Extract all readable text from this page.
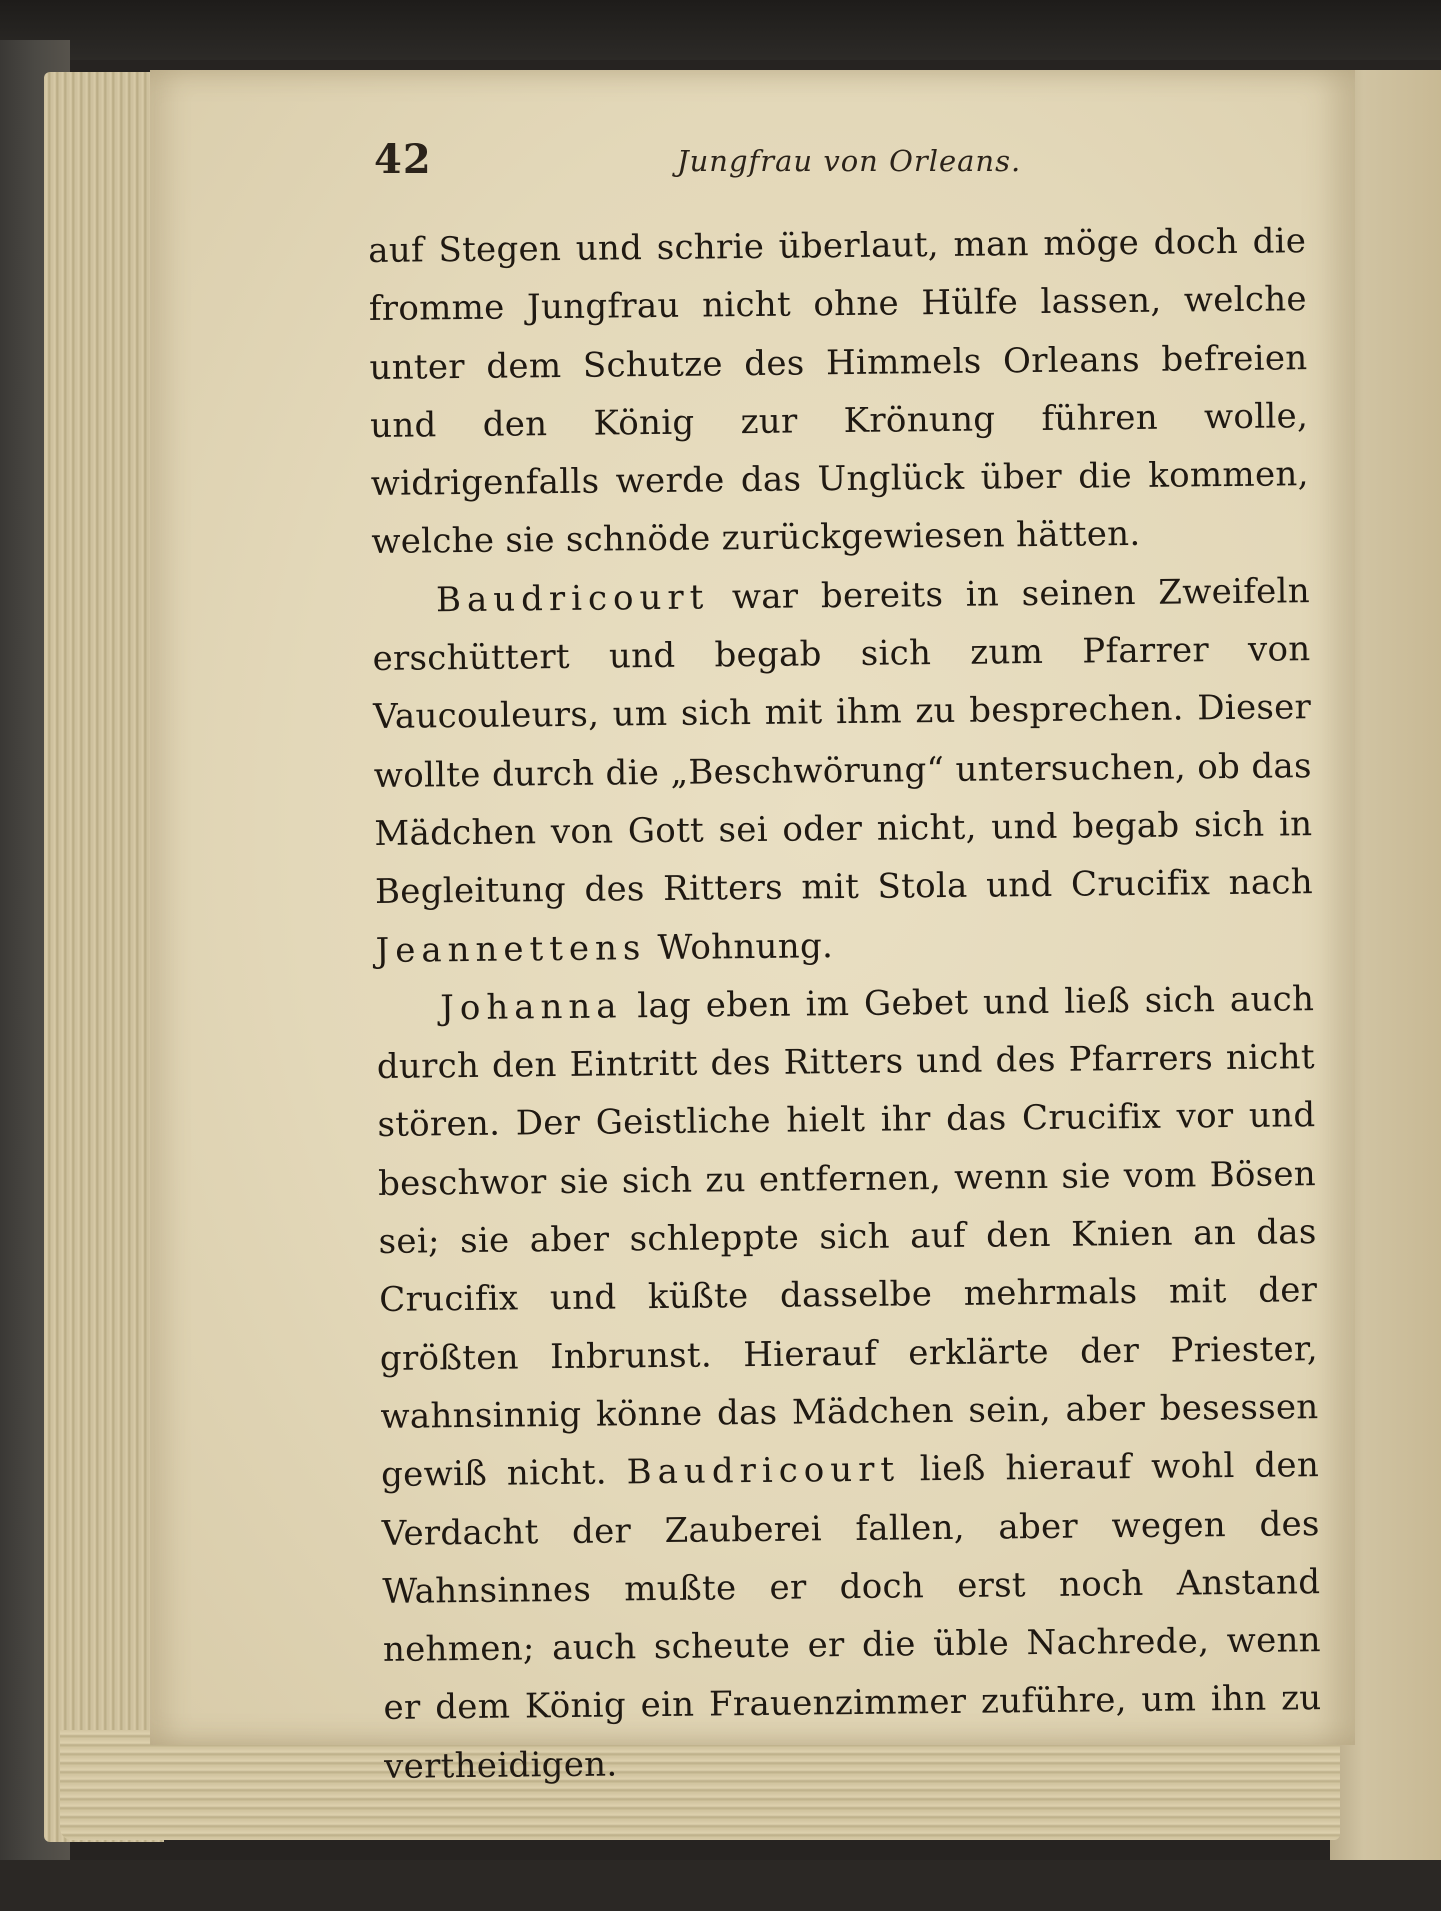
42	Jungfrau von Orleans.

auf Stegen und schrie überlaut, man möge doch die fromme Jungfrau nicht ohne Hülfe lassen, welche unter dem Schutze des Himmels Orleans befreien und den König zur Krönung führen wolle, widrigenfalls werde das Unglück über die kommen, welche sie schnöde zurückgewiesen hätten.

Baudricourt war bereits in seinen Zweifeln erschüttert und begab sich zum Pfarrer von Vaucouleurs, um sich mit ihm zu besprechen. Dieser wollte durch die „Beschwörung“ untersuchen, ob das Mädchen von Gott sei oder nicht, und begab sich in Begleitung des Ritters mit Stola und Crucifix nach Jeannettens Wohnung.

Johanna lag eben im Gebet und ließ sich auch durch den Eintritt des Ritters und des Pfarrers nicht stören. Der Geistliche hielt ihr das Crucifix vor und beschwor sie sich zu entfernen, wenn sie vom Bösen sei; sie aber schleppte sich auf den Knien an das Crucifix und küßte dasselbe mehrmals mit der größten Inbrunst. Hierauf erklärte der Priester, wahnsinnig könne das Mädchen sein, aber besessen gewiß nicht. Baudricourt ließ hierauf wohl den Verdacht der Zauberei fallen, aber wegen des Wahnsinnes mußte er doch erst noch Anstand nehmen; auch scheute er die üble Nachrede, wenn er dem König ein Frauenzimmer zuführe, um ihn zu vertheidigen.
